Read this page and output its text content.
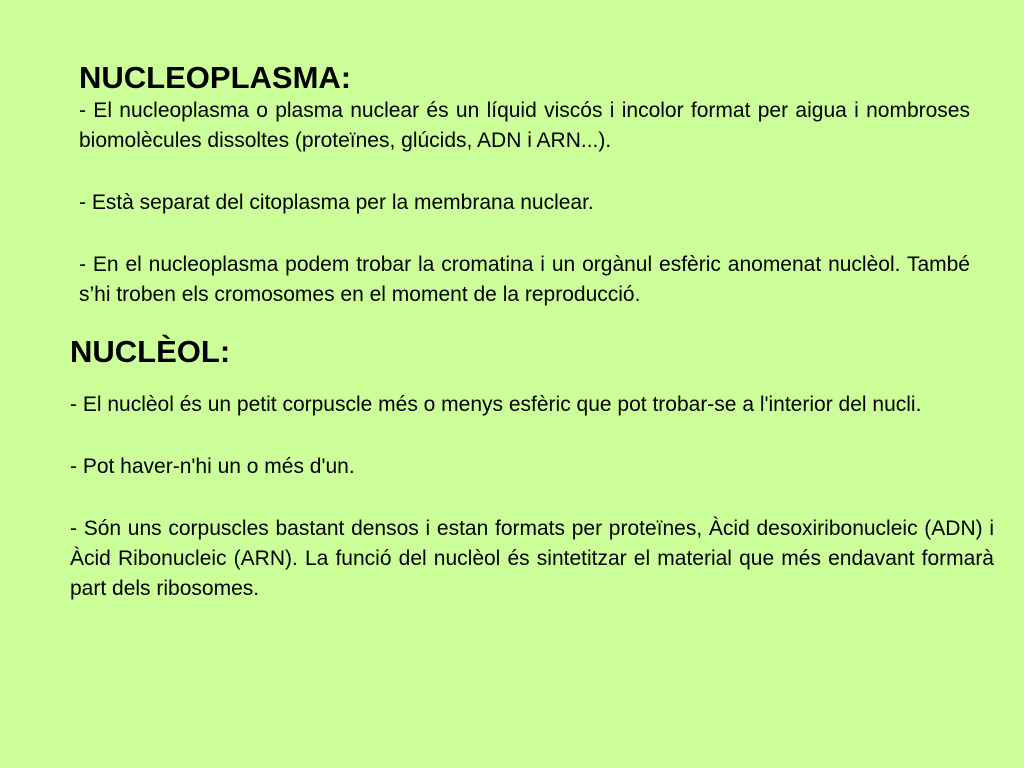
NUCLEOPLASMA:

- El nucleoplasma o plasma nuclear és un líquid viscós i incolor format per aigua i nombroses biomolècules dissoltes (proteïnes, glúcids, ADN i ARN...).

- Està separat del citoplasma per la membrana nuclear.

- En el nucleoplasma podem trobar la cromatina i un orgànul esfèric anomenat nuclèol. També s’hi troben els cromosomes en el moment de la reproducció.

NUCLÈOL:

- El nuclèol és un petit corpuscle més o menys esfèric que pot trobar-se a l'interior del nucli.

- Pot haver-n'hi un o més d'un.

- Són uns corpuscles bastant densos i estan formats per proteïnes, Àcid desoxiribonucleic (ADN) i Àcid Ribonucleic (ARN). La funció del nuclèol és sintetitzar el material que més endavant formarà part dels ribosomes.
